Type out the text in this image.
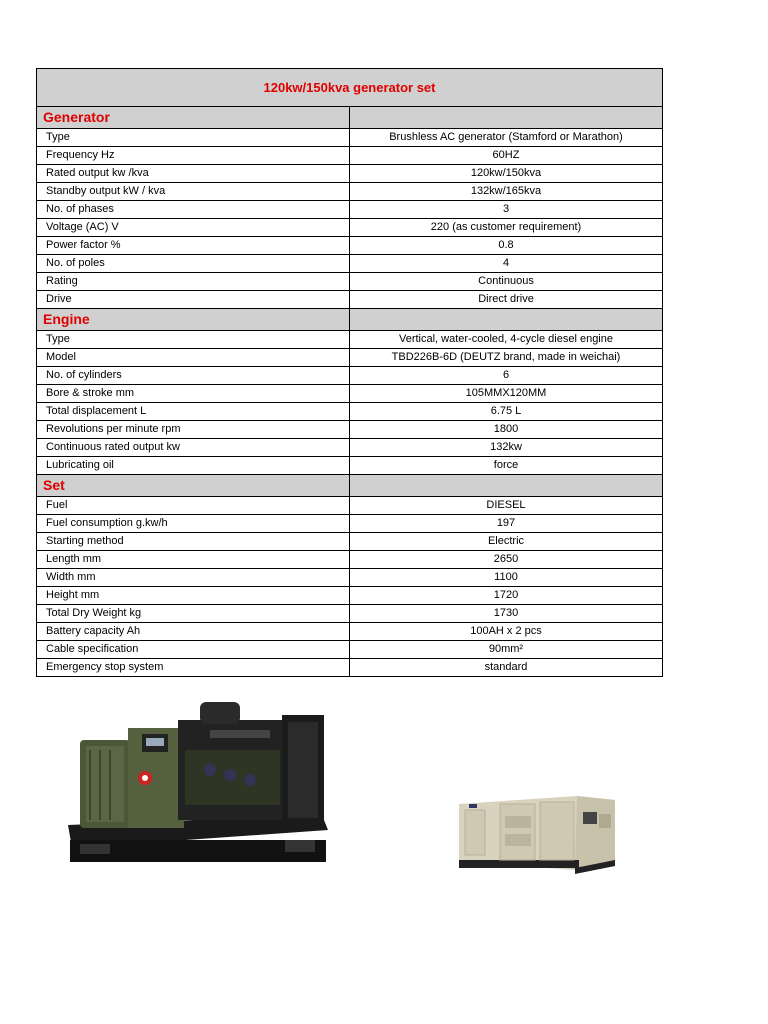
120kw/150kva generator set	
Generator	
Type	Brushless AC generator (Stamford or Marathon)
Frequency Hz	60HZ
Rated output kw /kva	120kw/150kva
Standby output kW / kva	132kw/165kva
No. of phases	3
Voltage (AC) V	220 (as customer requirement)
Power factor %	0.8
No. of poles	4
Rating	Continuous
Drive	Direct drive
Engine	
Type	Vertical, water-cooled, 4-cycle diesel engine
Model	TBD226B-6D (DEUTZ brand, made in weichai)
No. of cylinders	6
Bore & stroke mm	105MMX120MM
Total displacement L	6.75 L
Revolutions per minute rpm	1800
Continuous rated output kw	132kw
Lubricating oil	force
Set	
Fuel	DIESEL
Fuel consumption g.kw/h	197
Starting method	Electric
Length mm	2650
Width mm	1100
Height mm	1720
Total Dry Weight kg	1730
Battery capacity Ah	100AH x 2 pcs
Cable specification	90mm²
Emergency stop system	standard
